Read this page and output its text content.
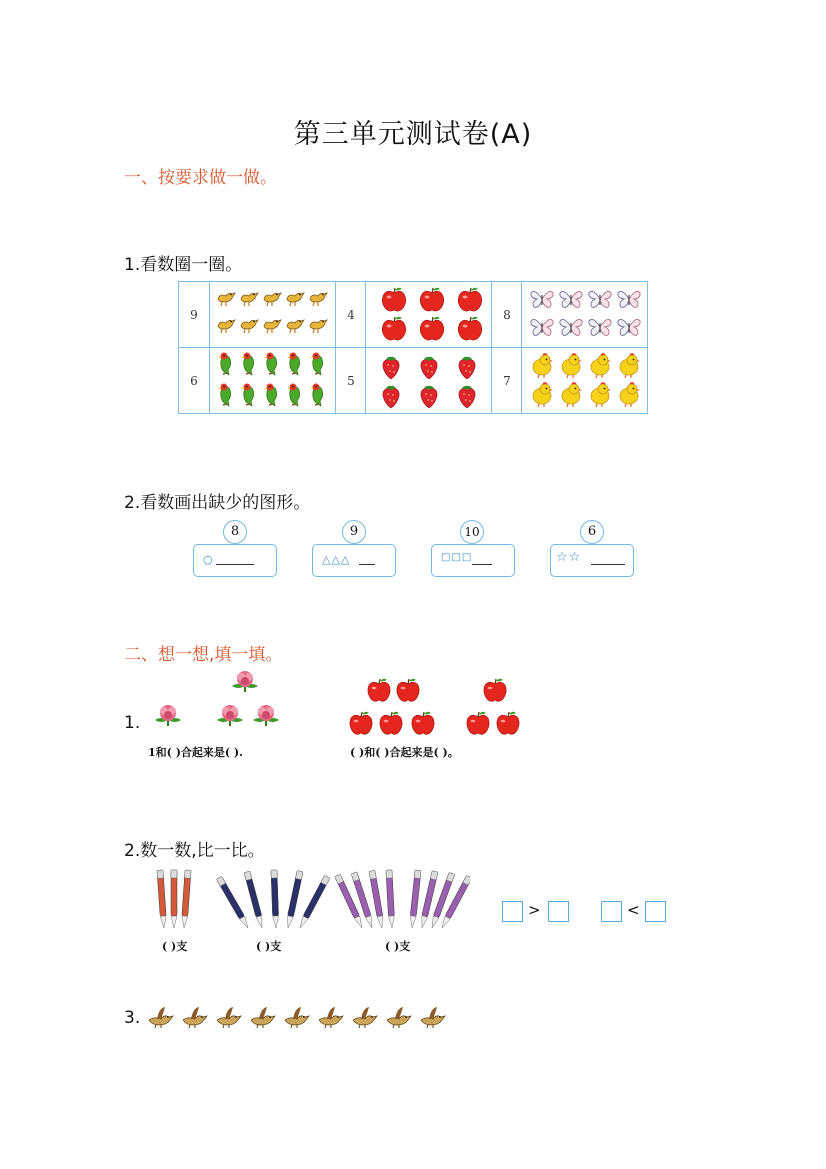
第三单元测试卷(A)
一、按要求做一做。
1.看数圈一圈。
9	4	8
6	5	7
2.看数画出缺少的图形。
○
8
△△△
9
□□□
10
☆☆
6
二、想一想,填一填。
1.
1和( )合起来是( ).	( )和( )合起来是( )。
2.数一数,比一比。
( )支	( )支	( )支
>	<
3.
